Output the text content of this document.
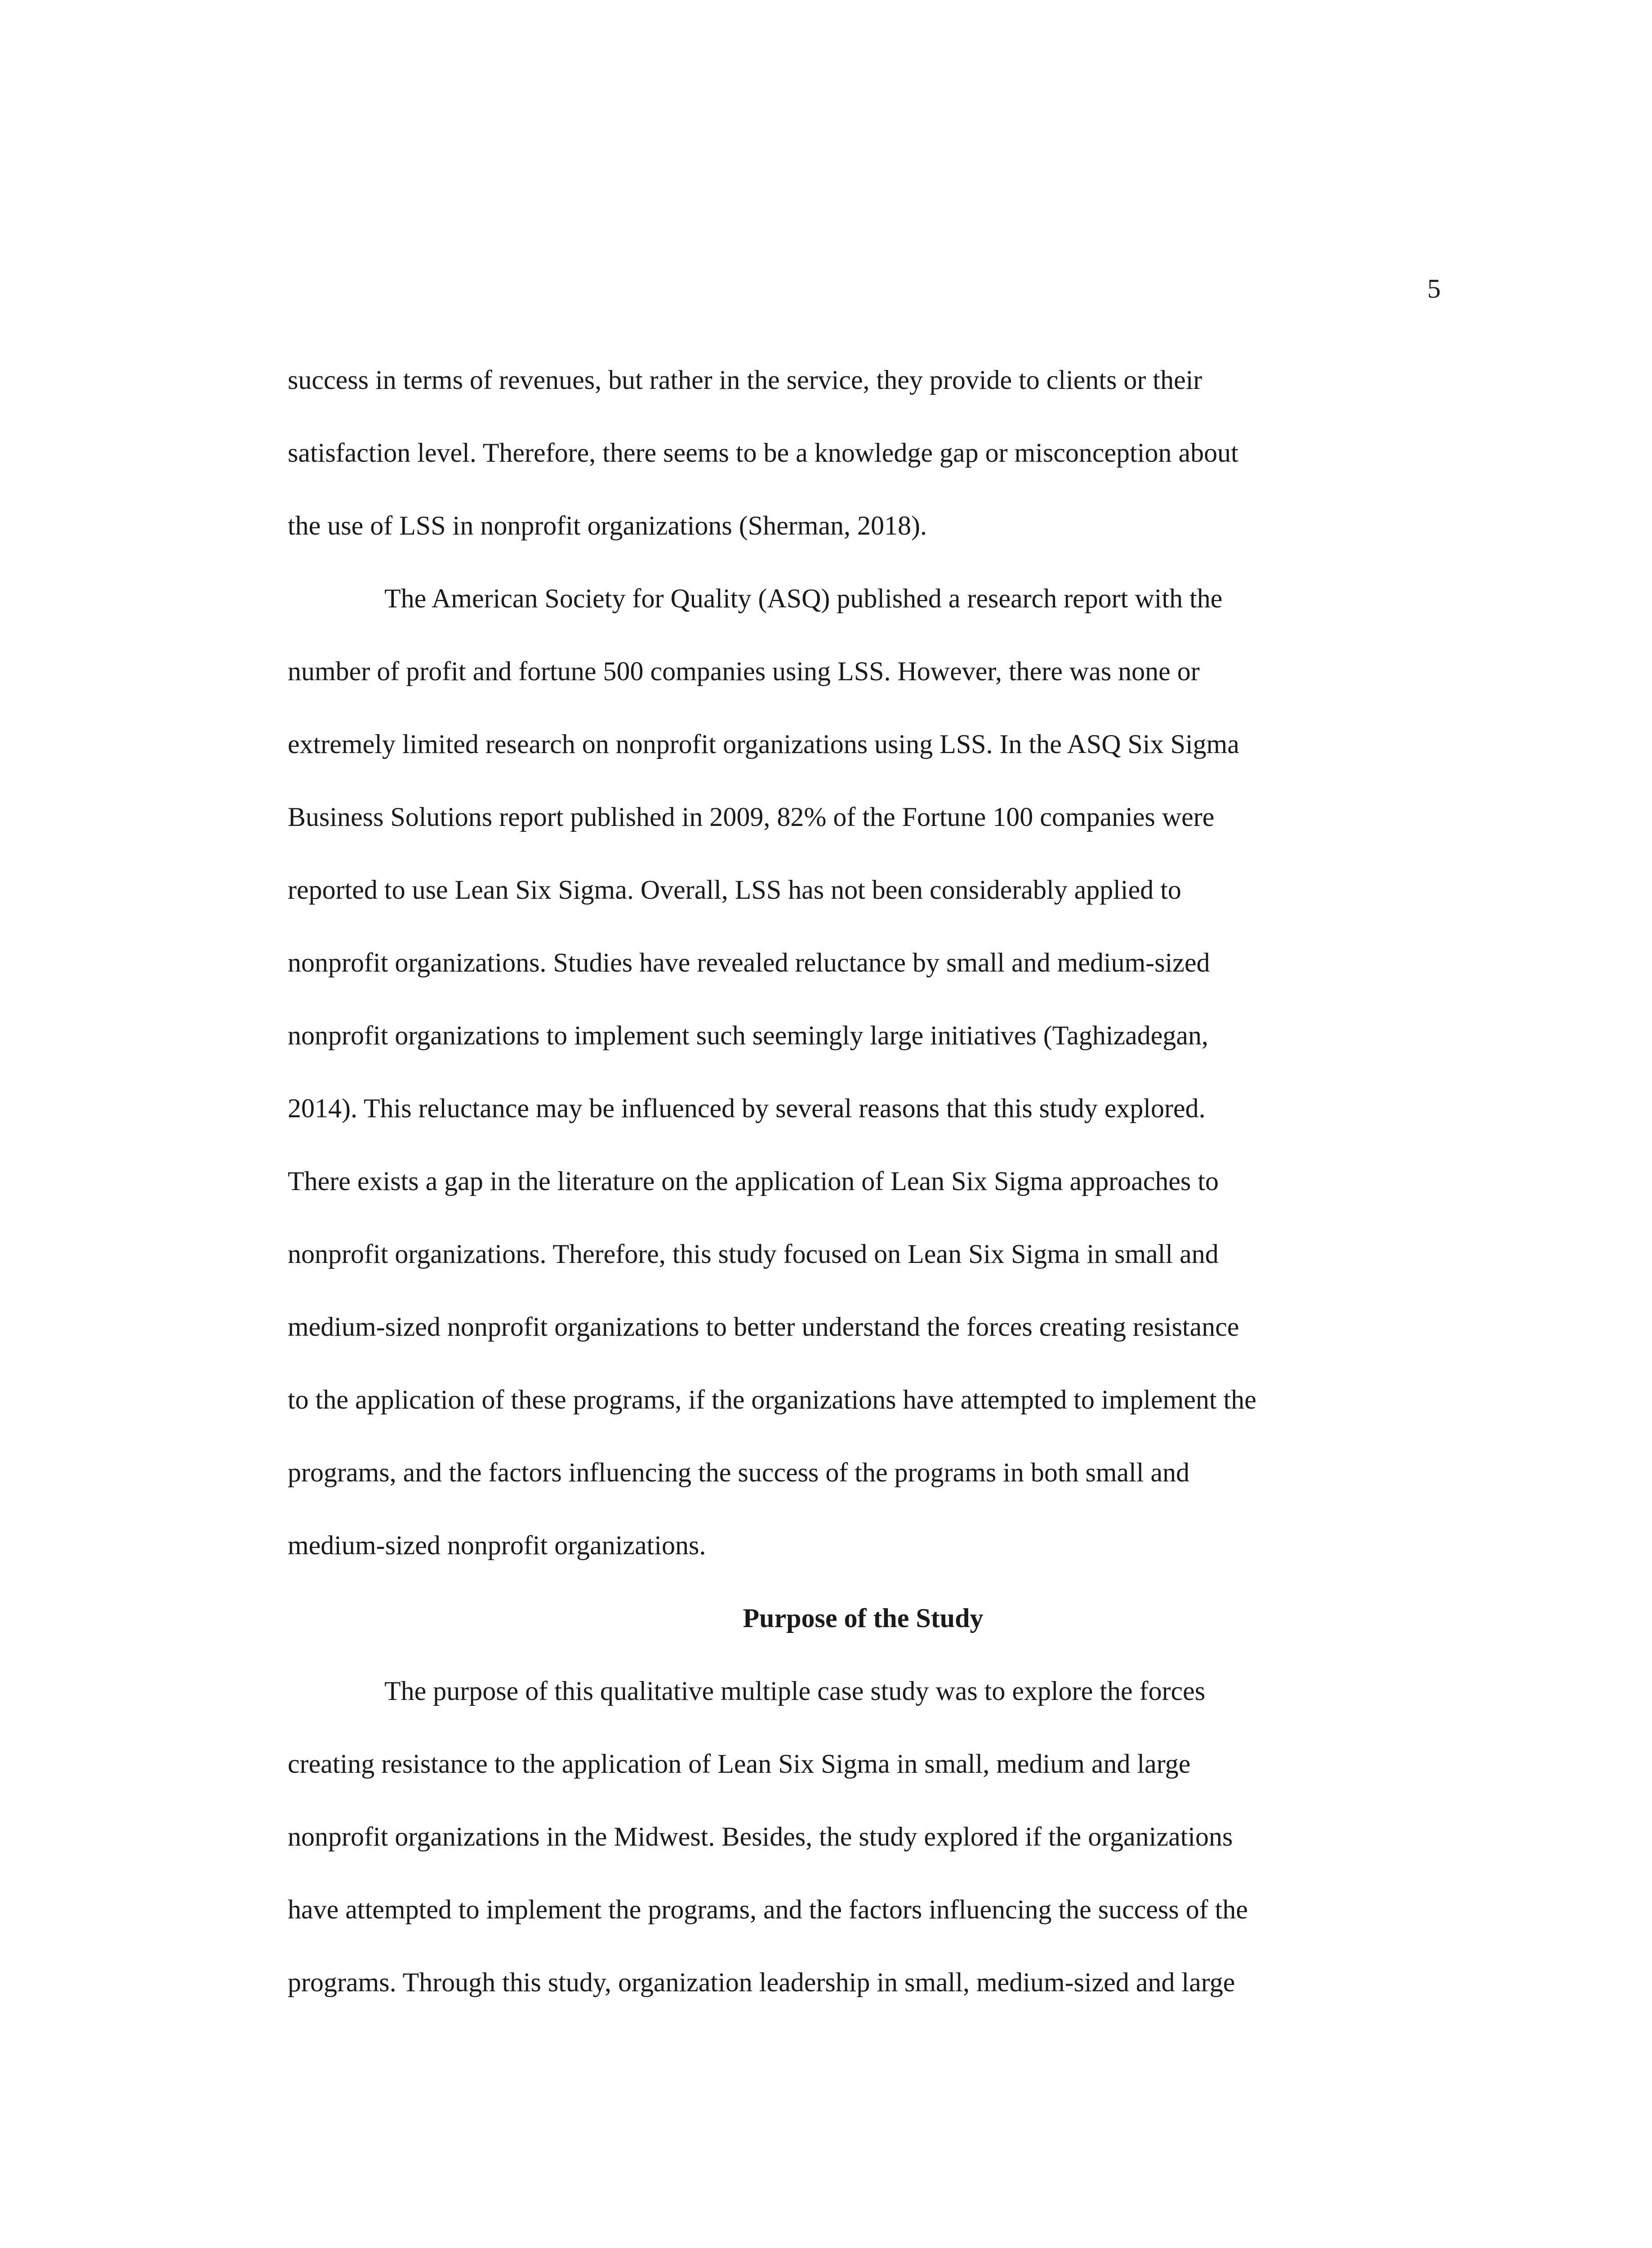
5
success in terms of revenues, but rather in the service, they provide to clients or their
satisfaction level. Therefore, there seems to be a knowledge gap or misconception about
the use of LSS in nonprofit organizations (Sherman, 2018).
The American Society for Quality (ASQ) published a research report with the
number of profit and fortune 500 companies using LSS. However, there was none or
extremely limited research on nonprofit organizations using LSS. In the ASQ Six Sigma
Business Solutions report published in 2009, 82% of the Fortune 100 companies were
reported to use Lean Six Sigma. Overall, LSS has not been considerably applied to
nonprofit organizations. Studies have revealed reluctance by small and medium-sized
nonprofit organizations to implement such seemingly large initiatives (Taghizadegan,
2014). This reluctance may be influenced by several reasons that this study explored.
There exists a gap in the literature on the application of Lean Six Sigma approaches to
nonprofit organizations. Therefore, this study focused on Lean Six Sigma in small and
medium-sized nonprofit organizations to better understand the forces creating resistance
to the application of these programs, if the organizations have attempted to implement the
programs, and the factors influencing the success of the programs in both small and
medium-sized nonprofit organizations.
Purpose of the Study
The purpose of this qualitative multiple case study was to explore the forces
creating resistance to the application of Lean Six Sigma in small, medium and large
nonprofit organizations in the Midwest. Besides, the study explored if the organizations
have attempted to implement the programs, and the factors influencing the success of the
programs. Through this study, organization leadership in small, medium-sized and large
